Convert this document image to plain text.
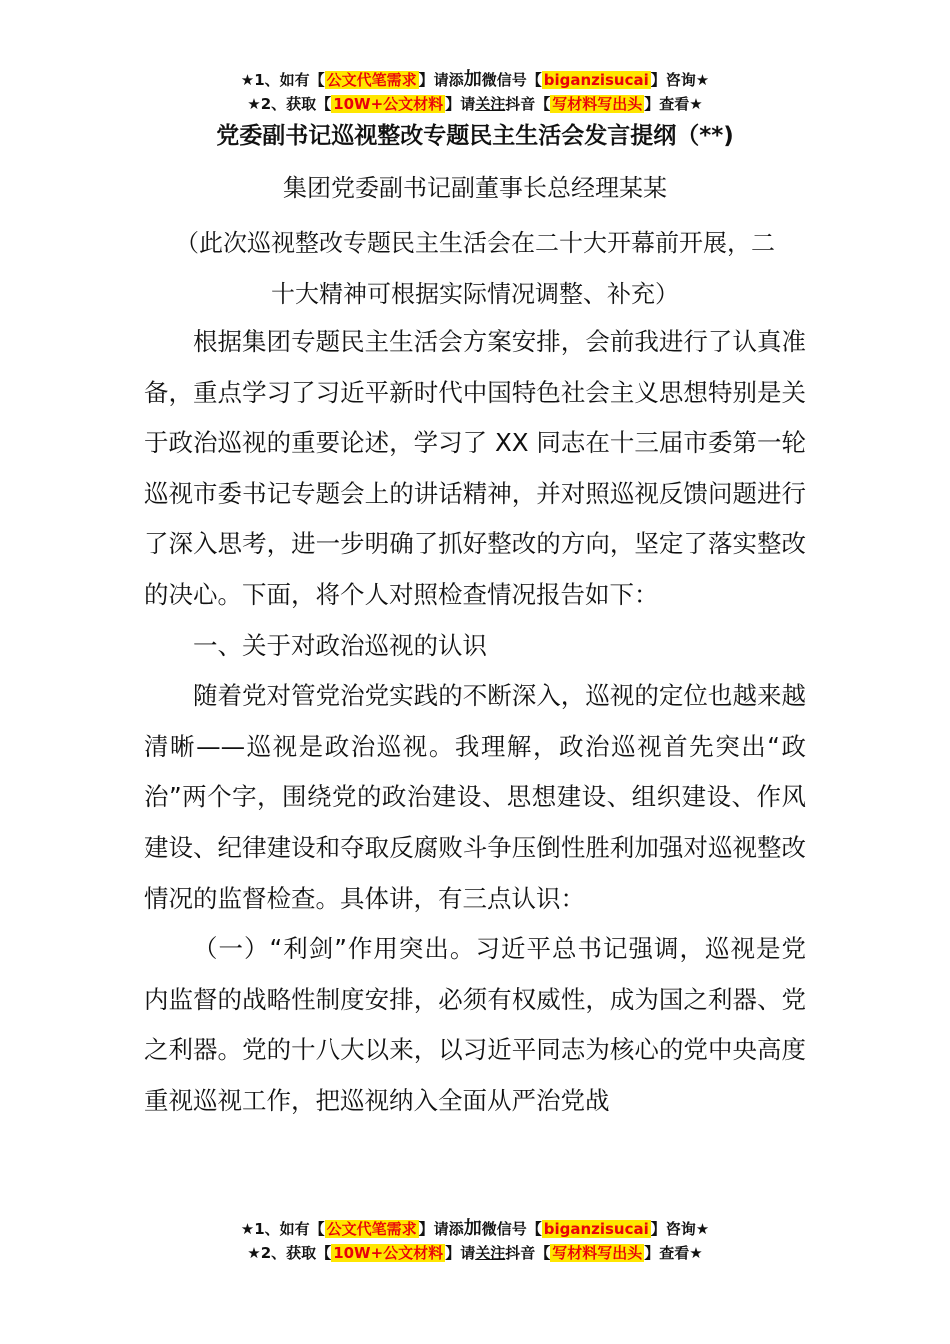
★1、如有【 公文代笔需求 】请添加微信号【 biganzisucai 】咨询★
★2、获取【 10W+公文材料 】请关注抖音【 写材料写出头 】查看★
党委副书记巡视整改专题民主生活会发言提纲（**)
集团党委副书记副董事长总经理某某
（此次巡视整改专题民主生活会在二十大开幕前开展，二
十大精神可根据实际情况调整、补充）

根据集团专题民主生活会方案安排，会前我进行了认真准备，重点学习了习近平新时代中国特色社会主义思想特别是关于政治巡视的重要论述，学习了 XX 同志在十三届市委第一轮巡视市委书记专题会上的讲话精神，并对照巡视反馈问题进行了深入思考，进一步明确了抓好整改的方向，坚定了落实整改的决心。下面，将个人对照检查情况报告如下：

一、关于对政治巡视的认识

随着党对管党治党实践的不断深入，巡视的定位也越来越清晰——巡视是政治巡视。我理解，政治巡视首先突出“政治”两个字，围绕党的政治建设、思想建设、组织建设、作风建设、纪律建设和夺取反腐败斗争压倒性胜利加强对巡视整改情况的监督检查。具体讲，有三点认识：

（一）“利剑”作用突出。习近平总书记强调，巡视是党内监督的战略性制度安排，必须有权威性，成为国之利器、党之利器。党的十八大以来，以习近平同志为核心的党中央高度重视巡视工作，把巡视纳入全面从严治党战

★1、如有【 公文代笔需求 】请添加微信号【 biganzisucai 】咨询★
★2、获取【 10W+公文材料 】请关注抖音【 写材料写出头 】查看★
